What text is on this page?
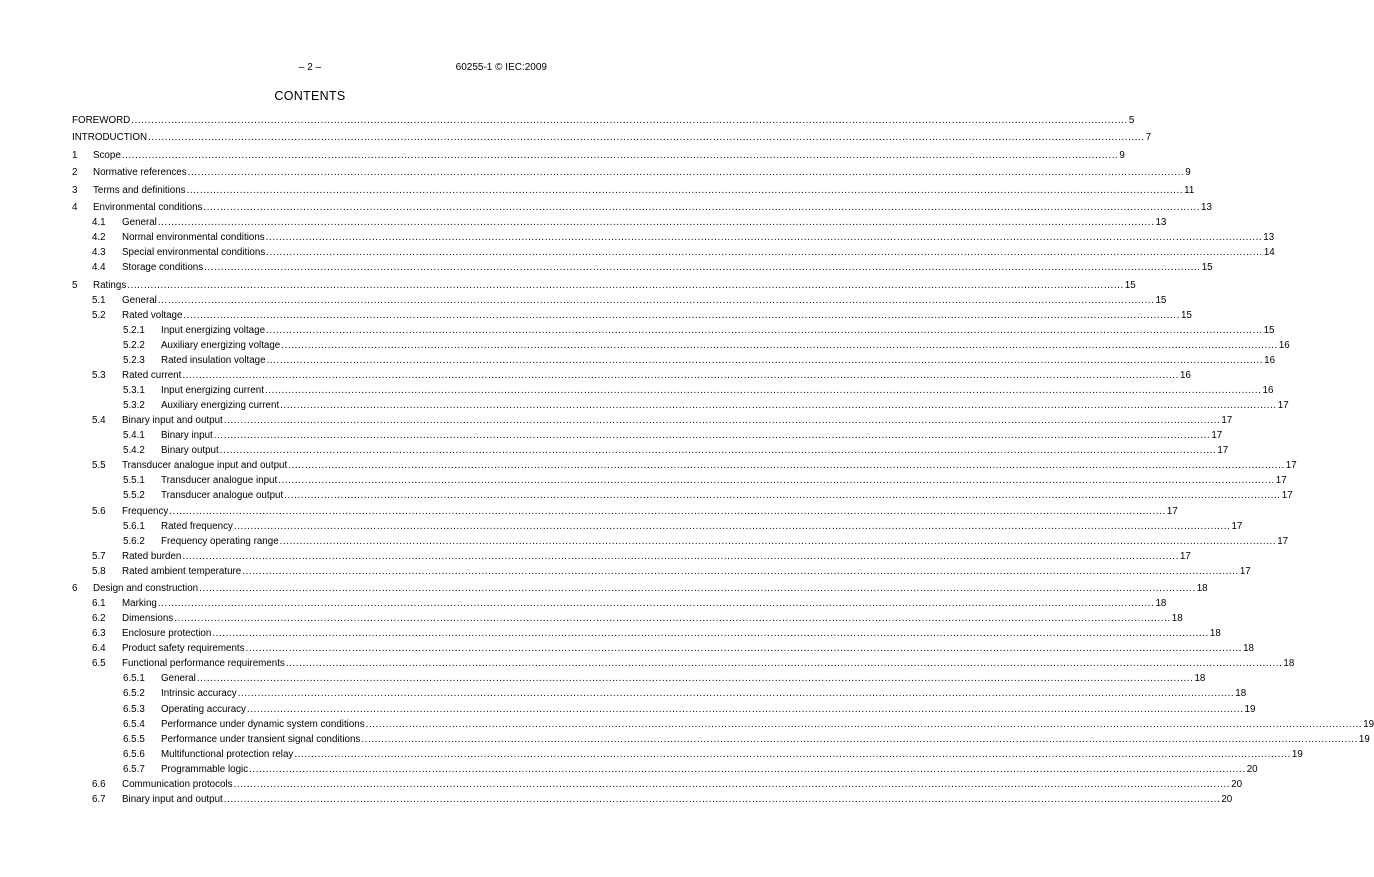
– 2 –	60255-1 © IEC:2009
CONTENTS
FOREWORD ............................................................................................................................................................................................................................................................................................................ 5
INTRODUCTION ............................................................................................................................................................................................................................................................................................................ 7
1 Scope ............................................................................................................................................................................................................................................................................................................ 9
2 Normative references ............................................................................................................................................................................................................................................................................................................ 9
3 Terms and definitions ............................................................................................................................................................................................................................................................................................................ 11
4 Environmental conditions ............................................................................................................................................................................................................................................................................................................ 13
4.1 General ............................................................................................................................................................................................................................................................................................................ 13
4.2 Normal environmental conditions ............................................................................................................................................................................................................................................................................................................ 13
4.3 Special environmental conditions ............................................................................................................................................................................................................................................................................................................ 14
4.4 Storage conditions ............................................................................................................................................................................................................................................................................................................ 15
5 Ratings ............................................................................................................................................................................................................................................................................................................ 15
5.1 General ............................................................................................................................................................................................................................................................................................................ 15
5.2 Rated voltage ............................................................................................................................................................................................................................................................................................................ 15
5.2.1 Input energizing voltage ............................................................................................................................................................................................................................................................................................................ 15
5.2.2 Auxiliary energizing voltage ............................................................................................................................................................................................................................................................................................................ 16
5.2.3 Rated insulation voltage ............................................................................................................................................................................................................................................................................................................ 16
5.3 Rated current ............................................................................................................................................................................................................................................................................................................ 16
5.3.1 Input energizing current ............................................................................................................................................................................................................................................................................................................ 16
5.3.2 Auxiliary energizing current ............................................................................................................................................................................................................................................................................................................ 17
5.4 Binary input and output ............................................................................................................................................................................................................................................................................................................ 17
5.4.1 Binary input ............................................................................................................................................................................................................................................................................................................ 17
5.4.2 Binary output ............................................................................................................................................................................................................................................................................................................ 17
5.5 Transducer analogue input and output ............................................................................................................................................................................................................................................................................................................ 17
5.5.1 Transducer analogue input ............................................................................................................................................................................................................................................................................................................ 17
5.5.2 Transducer analogue output ............................................................................................................................................................................................................................................................................................................ 17
5.6 Frequency ............................................................................................................................................................................................................................................................................................................ 17
5.6.1 Rated frequency ............................................................................................................................................................................................................................................................................................................ 17
5.6.2 Frequency operating range ............................................................................................................................................................................................................................................................................................................ 17
5.7 Rated burden ............................................................................................................................................................................................................................................................................................................ 17
5.8 Rated ambient temperature ............................................................................................................................................................................................................................................................................................................ 17
6 Design and construction ............................................................................................................................................................................................................................................................................................................ 18
6.1 Marking ............................................................................................................................................................................................................................................................................................................ 18
6.2 Dimensions ............................................................................................................................................................................................................................................................................................................ 18
6.3 Enclosure protection ............................................................................................................................................................................................................................................................................................................ 18
6.4 Product safety requirements ............................................................................................................................................................................................................................................................................................................ 18
6.5 Functional performance requirements ............................................................................................................................................................................................................................................................................................................ 18
6.5.1 General ............................................................................................................................................................................................................................................................................................................ 18
6.5.2 Intrinsic accuracy ............................................................................................................................................................................................................................................................................................................ 18
6.5.3 Operating accuracy ............................................................................................................................................................................................................................................................................................................ 19
6.5.4 Performance under dynamic system conditions ............................................................................................................................................................................................................................................................................................................ 19
6.5.5 Performance under transient signal conditions ............................................................................................................................................................................................................................................................................................................ 19
6.5.6 Multifunctional protection relay ............................................................................................................................................................................................................................................................................................................ 19
6.5.7 Programmable logic ............................................................................................................................................................................................................................................................................................................ 20
6.6 Communication protocols ............................................................................................................................................................................................................................................................................................................ 20
6.7 Binary input and output ............................................................................................................................................................................................................................................................................................................ 20
